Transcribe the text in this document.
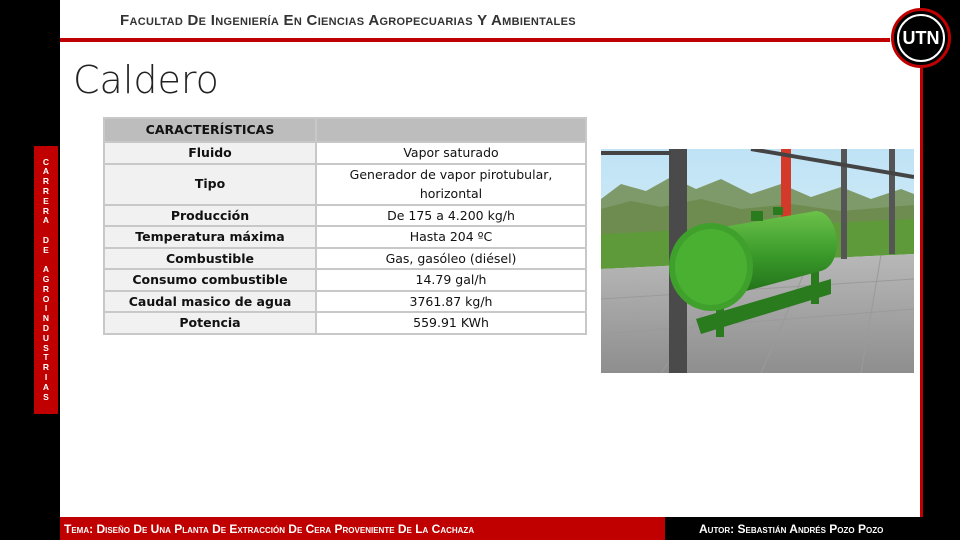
Facultad De Ingeniería En Ciencias Agropecuarias Y Ambientales
UTN
C
A
R
R
E
R
A

D
E

A
G
R
O
I
N
D
U
S
T
R
I
A
S
Caldero
CARACTERÍSTICAS	
Fluido	Vapor saturado
Tipo	Generador de vapor pirotubular, horizontal
Producción	De 175 a 4.200 kg/h
Temperatura máxima	Hasta 204 ºC
Combustible	Gas, gasóleo (diésel)
Consumo combustible	14.79 gal/h
Caudal masico de agua	3761.87 kg/h
Potencia	559.91 KWh
Tema: Diseño De Una Planta De Extracción De Cera Proveniente De La Cachaza	Autor: Sebastián Andrés Pozo Pozo
